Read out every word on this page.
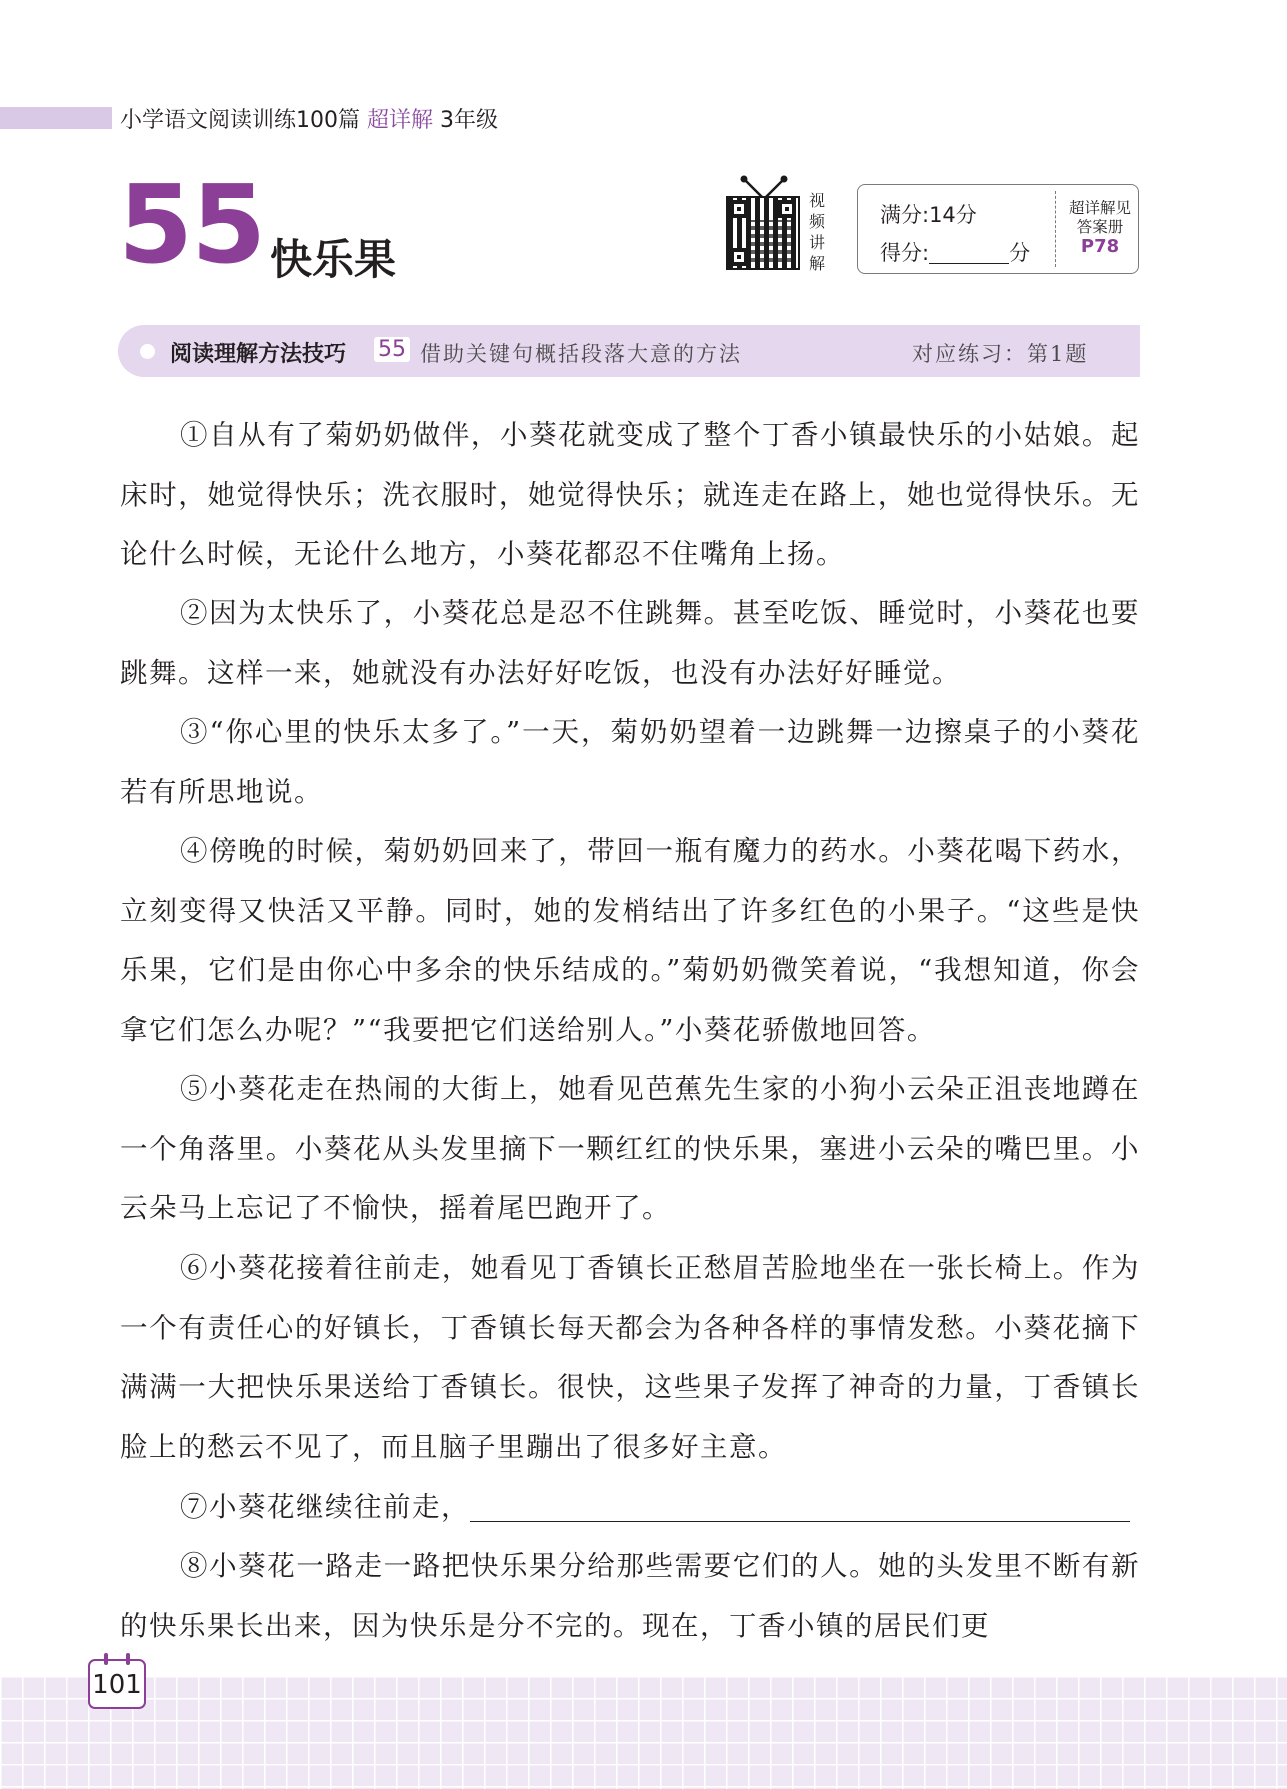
小学语文阅读训练100篇 超详解 3年级
55 快乐果
视
频
讲
解
满分:14分
得分:	分
超详解见
答案册
P78
阅读理解方法技巧 55 借助关键句概括段落大意的方法	对应练习：第1题

①自从有了菊奶奶做伴，小葵花就变成了整个丁香小镇最快乐的小姑娘。起床时，她觉得快乐；洗衣服时，她觉得快乐；就连走在路上，她也觉得快乐。无论什么时候，无论什么地方，小葵花都忍不住嘴角上扬。

②因为太快乐了，小葵花总是忍不住跳舞。甚至吃饭、睡觉时，小葵花也要跳舞。这样一来，她就没有办法好好吃饭，也没有办法好好睡觉。

③“你心里的快乐太多了。”一天，菊奶奶望着一边跳舞一边擦桌子的小葵花若有所思地说。

④傍晚的时候，菊奶奶回来了，带回一瓶有魔力的药水。小葵花喝下药水，立刻变得又快活又平静。同时，她的发梢结出了许多红色的小果子。“这些是快乐果，它们是由你心中多余的快乐结成的。”菊奶奶微笑着说，“我想知道，你会拿它们怎么办呢？”“我要把它们送给别人。”小葵花骄傲地回答。

⑤小葵花走在热闹的大街上，她看见芭蕉先生家的小狗小云朵正沮丧地蹲在一个角落里。小葵花从头发里摘下一颗红红的快乐果，塞进小云朵的嘴巴里。小云朵马上忘记了不愉快，摇着尾巴跑开了。

⑥小葵花接着往前走，她看见丁香镇长正愁眉苦脸地坐在一张长椅上。作为一个有责任心的好镇长，丁香镇长每天都会为各种各样的事情发愁。小葵花摘下满满一大把快乐果送给丁香镇长。很快，这些果子发挥了神奇的力量，丁香镇长脸上的愁云不见了，而且脑子里蹦出了很多好主意。

⑦小葵花继续往前走，

⑧小葵花一路走一路把快乐果分给那些需要它们的人。她的头发里不断有新的快乐果长出来，因为快乐是分不完的。现在，丁香小镇的居民们更

101
